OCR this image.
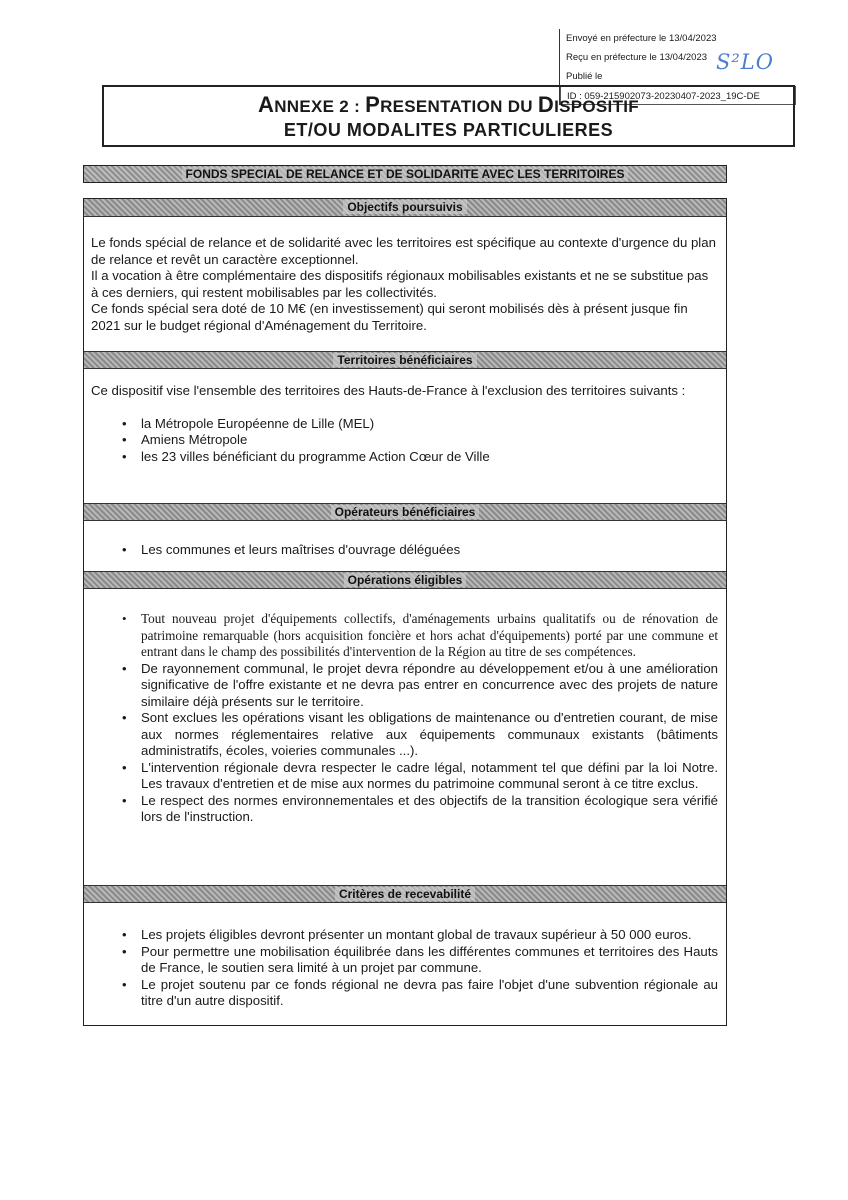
Envoyé en préfecture le 13/04/2023
Reçu en préfecture le 13/04/2023
Publié le
ID : 059-215902073-20230407-2023_19C-DE
S²LO
ANNEXE 2 : PRESENTATION DU DISPOSITIF
ET/OU MODALITES PARTICULIERES
FONDS SPECIAL DE RELANCE ET DE SOLIDARITE AVEC LES TERRITOIRES
Objectifs poursuivis

Le fonds spécial de relance et de solidarité avec les territoires est spécifique au contexte d'urgence du plan de relance et revêt un caractère exceptionnel.

Il a vocation à être complémentaire des dispositifs régionaux mobilisables existants et ne se substitue pas à ces derniers, qui restent mobilisables par les collectivités.

Ce fonds spécial sera doté de 10 M€ (en investissement) qui seront mobilisés dès à présent jusque fin 2021 sur le budget régional d'Aménagement du Territoire.

Territoires bénéficiaires

Ce dispositif vise l'ensemble des territoires des Hauts-de-France à l'exclusion des territoires suivants :

• la Métropole Européenne de Lille (MEL)
• Amiens Métropole
• les 23 villes bénéficiant du programme Action Cœur de Ville
Opérateurs bénéficiaires
• Les communes et leurs maîtrises d'ouvrage déléguées
Opérations éligibles
• Tout nouveau projet d'équipements collectifs, d'aménagements urbains qualitatifs ou de rénovation de patrimoine remarquable (hors acquisition foncière et hors achat d'équipements) porté par une commune et entrant dans le champ des possibilités d'intervention de la Région au titre de ses compétences.
• De rayonnement communal, le projet devra répondre au développement et/ou à une amélioration significative de l'offre existante et ne devra pas entrer en concurrence avec des projets de nature similaire déjà présents sur le territoire.
• Sont exclues les opérations visant les obligations de maintenance ou d'entretien courant, de mise aux normes réglementaires relative aux équipements communaux existants (bâtiments administratifs, écoles, voieries communales ...).
• L'intervention régionale devra respecter le cadre légal, notamment tel que défini par la loi Notre. Les travaux d'entretien et de mise aux normes du patrimoine communal seront à ce titre exclus.
• Le respect des normes environnementales et des objectifs de la transition écologique sera vérifié lors de l'instruction.
Critères de recevabilité
• Les projets éligibles devront présenter un montant global de travaux supérieur à 50 000 euros.
• Pour permettre une mobilisation équilibrée dans les différentes communes et territoires des Hauts de France, le soutien sera limité à un projet par commune.
• Le projet soutenu par ce fonds régional ne devra pas faire l'objet d'une subvention régionale au titre d'un autre dispositif.
